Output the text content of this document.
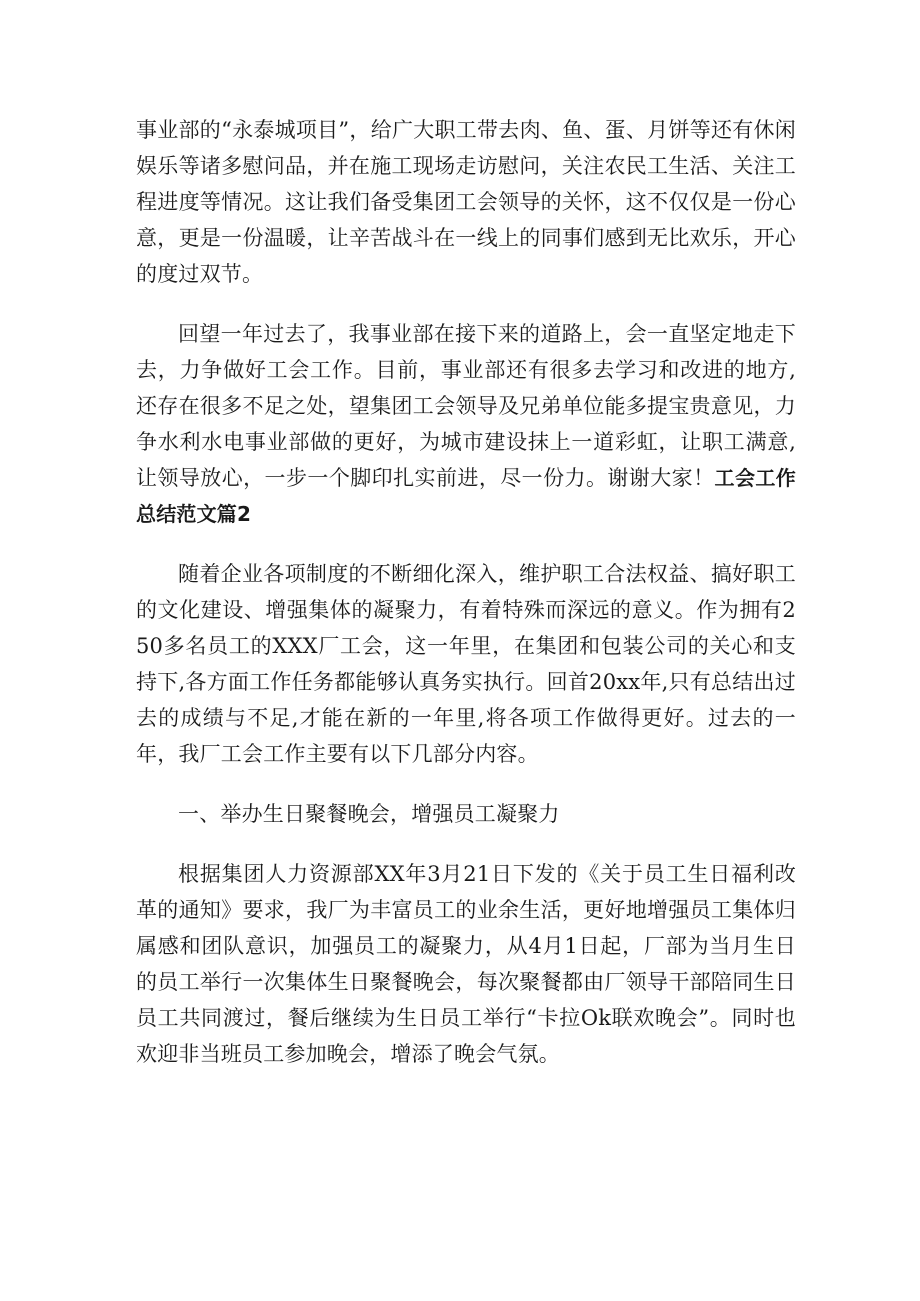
事业部的“永泰城项目”，给广大职工带去肉、鱼、蛋、月饼等还有休闲娱乐等诸多慰问品，并在施工现场走访慰问，关注农民工生活、关注工程进度等情况。这让我们备受集团工会领导的关怀，这不仅仅是一份心意，更是一份温暖，让辛苦战斗在一线上的同事们感到无比欢乐，开心的度过双节。

回望一年过去了，我事业部在接下来的道路上，会一直坚定地走下去，力争做好工会工作。目前，事业部还有很多去学习和改进的地方,还存在很多不足之处，望集团工会领导及兄弟单位能多提宝贵意见，力争水利水电事业部做的更好，为城市建设抹上一道彩虹，让职工满意,让领导放心，一步一个脚印扎实前进，尽一份力。谢谢大家！工会工作总结范文篇2

随着企业各项制度的不断细化深入，维护职工合法权益、搞好职工的文化建设、增强集体的凝聚力，有着特殊而深远的意义。作为拥有250多名员工的XXX厂工会，这一年里，在集团和包装公司的关心和支持下,各方面工作任务都能够认真务实执行。回首20xx年,只有总结出过去的成绩与不足,才能在新的一年里,将各项工作做得更好。过去的一年，我厂工会工作主要有以下几部分内容。

一、举办生日聚餐晚会，增强员工凝聚力

根据集团人力资源部XX年3月21日下发的《关于员工生日福利改革的通知》要求，我厂为丰富员工的业余生活，更好地增强员工集体归属感和团队意识，加强员工的凝聚力，从4月1日起，厂部为当月生日的员工举行一次集体生日聚餐晚会，每次聚餐都由厂领导干部陪同生日员工共同渡过，餐后继续为生日员工举行“卡拉Ok联欢晚会”。同时也欢迎非当班员工参加晚会，增添了晚会气氛。
